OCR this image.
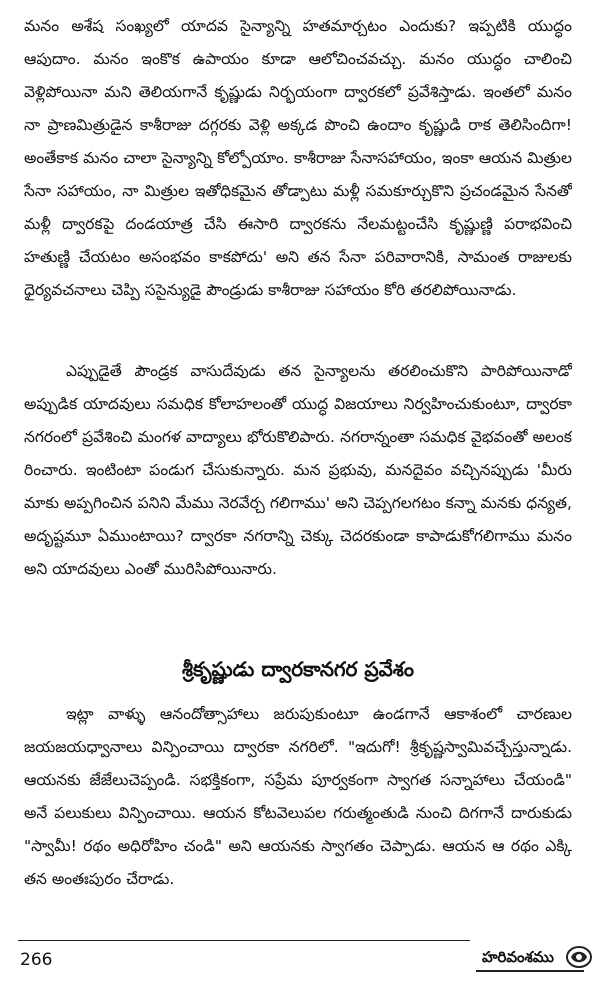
మనం అశేష సంఖ్యలో యాదవ సైన్యాన్ని హతమార్చటం ఎందుకు? ఇప్పటికి యుద్ధం ఆపుదాం. మనం ఇంకొక ఉపాయం కూడా ఆలోచించవచ్చు. మనం యుద్ధం చాలించి వెళ్లిపోయినా మని తెలియగానే కృష్ణుడు నిర్భయంగా ద్వారకలో ప్రవేశిస్తాడు. ఇంతలో మనం నా ప్రాణమిత్రుడైన కాశీరాజు దగ్గరకు వెళ్లి అక్కడ పొంచి ఉందాం కృష్ణుడి రాక తెలిసిందిగా! అంతేకాక మనం చాలా సైన్యాన్ని కోల్పోయాం. కాశీరాజు సేనాసహాయం, ఇంకా ఆయన మిత్రుల సేనా సహాయం, నా మిత్రుల ఇతోధికమైన తోడ్పాటు మళ్లీ సమకూర్చుకొని ప్రచండమైన సేనతో మళ్లీ ద్వారకపై దండయాత్ర చేసి ఈసారి ద్వారకను నేలమట్టంచేసి కృష్ణుణ్ణి పరాభవించి హతుణ్ణి చేయటం అసంభవం కాకపోదు' అని తన సేనా పరివారానికి, సామంత రాజులకు ధైర్యవచనాలు చెప్పి ససైన్యుడై పౌండ్రుడు కాశీరాజు సహాయం కోరి తరలిపోయినాడు.

ఎప్పుడైతే పౌండ్రక వాసుదేవుడు తన సైన్యాలను తరలించుకొని పారిపోయినాడో అప్పుడిక యాదవులు సమధిక కోలాహలంతో యుద్ధ విజయాలు నిర్వహించుకుంటూ, ద్వారకా నగరంలో ప్రవేశించి మంగళ వాద్యాలు భోరుకొలిపారు. నగరాన్నంతా సమధిక వైభవంతో అలంక రించారు. ఇంటింటా పండుగ చేసుకున్నారు. మన ప్రభువు, మనదైవం వచ్చినప్పుడు 'మీరు మాకు అప్పగించిన పనిని మేము నెరవేర్చ గలిగాము' అని చెప్పగలగటం కన్నా మనకు ధన్యత, అదృష్టమూ ఏముంటాయి? ద్వారకా నగరాన్ని చెక్కు చెదరకుండా కాపాడుకోగలిగాము మనం అని యాదవులు ఎంతో మురిసిపోయినారు.

శ్రీకృష్ణుడు ద్వారకానగర ప్రవేశం

ఇట్లా వాళ్ళు ఆనందోత్సాహాలు జరుపుకుంటూ ఉండగానే ఆకాశంలో చారణుల జయజయధ్వానాలు విన్పించాయి ద్వారకా నగరిలో. "ఇదుగో! శ్రీకృష్ణస్వామివచ్చేస్తున్నాడు. ఆయనకు జేజేలుచెప్పండి. సభక్తికంగా, సప్రేమ పూర్వకంగా స్వాగత సన్నాహాలు చేయండి" అనే పలుకులు విన్పించాయి. ఆయన కోటవెలుపల గరుత్మంతుడి నుంచి దిగగానే దారుకుడు "స్వామీ! రథం అధిరోహిం చండి" అని ఆయనకు స్వాగతం చెప్పాడు. ఆయన ఆ రథం ఎక్కి తన అంతఃపురం చేరాడు.

266	హరివంశము
